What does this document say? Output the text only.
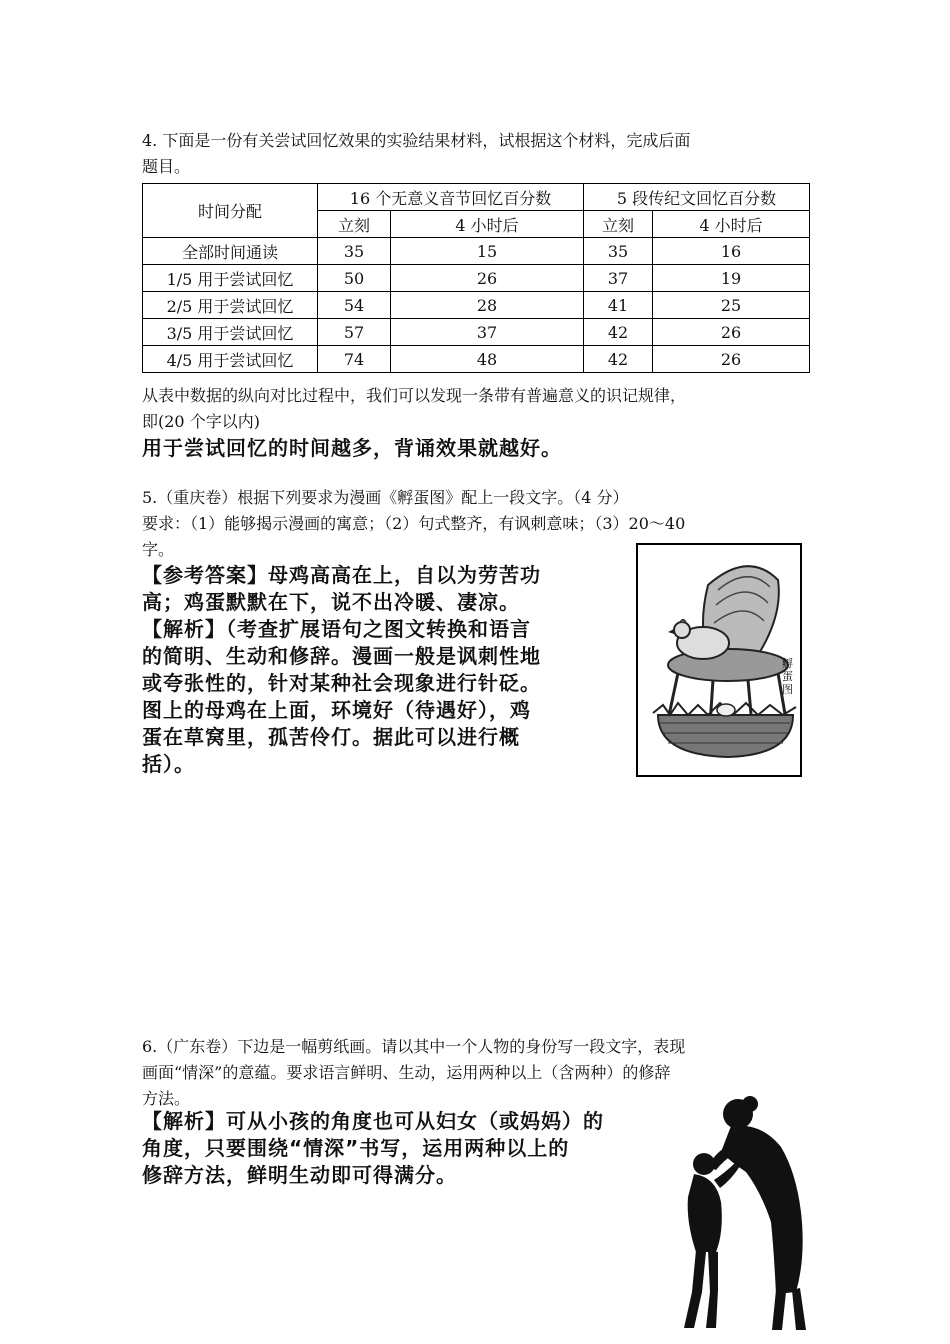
4. 下面是一份有关尝试回忆效果的实验结果材料，试根据这个材料，完成后面
题目。
时间分配	16 个无意义音节回忆百分数		5 段传纪文回忆百分数	
	立刻	4 小时后	立刻	4 小时后
全部时间通读	35	15	35	16
1/5 用于尝试回忆	50	26	37	19
2/5 用于尝试回忆	54	28	41	25
3/5 用于尝试回忆	57	37	42	26
4/5 用于尝试回忆	74	48	42	26
从表中数据的纵向对比过程中，我们可以发现一条带有普遍意义的识记规律，
即(20 个字以内)
用于尝试回忆的时间越多，背诵效果就越好。
5.（重庆卷）根据下列要求为漫画《孵蛋图》配上一段文字。（4 分）
要求：（1）能够揭示漫画的寓意；（2）句式整齐，有讽刺意味；（3）20～40
字。
【参考答案】母鸡高高在上，自以为劳苦功
高；鸡蛋默默在下，说不出冷暖、凄凉。
【解析】（考查扩展语句之图文转换和语言
的简明、生动和修辞。漫画一般是讽刺性地
或夸张性的，针对某种社会现象进行针砭。
图上的母鸡在上面，环境好（待遇好），鸡
蛋在草窝里，孤苦伶仃。据此可以进行概
括）。
孵蛋图
6.（广东卷）下边是一幅剪纸画。请以其中一个人物的身份写一段文字，表现
画面“情深”的意蕴。要求语言鲜明、生动，运用两种以上（含两种）的修辞
方法。
【解析】可从小孩的角度也可从妇女（或妈妈）的
角度，只要围绕“情深”书写，运用两种以上的
修辞方法，鲜明生动即可得满分。
